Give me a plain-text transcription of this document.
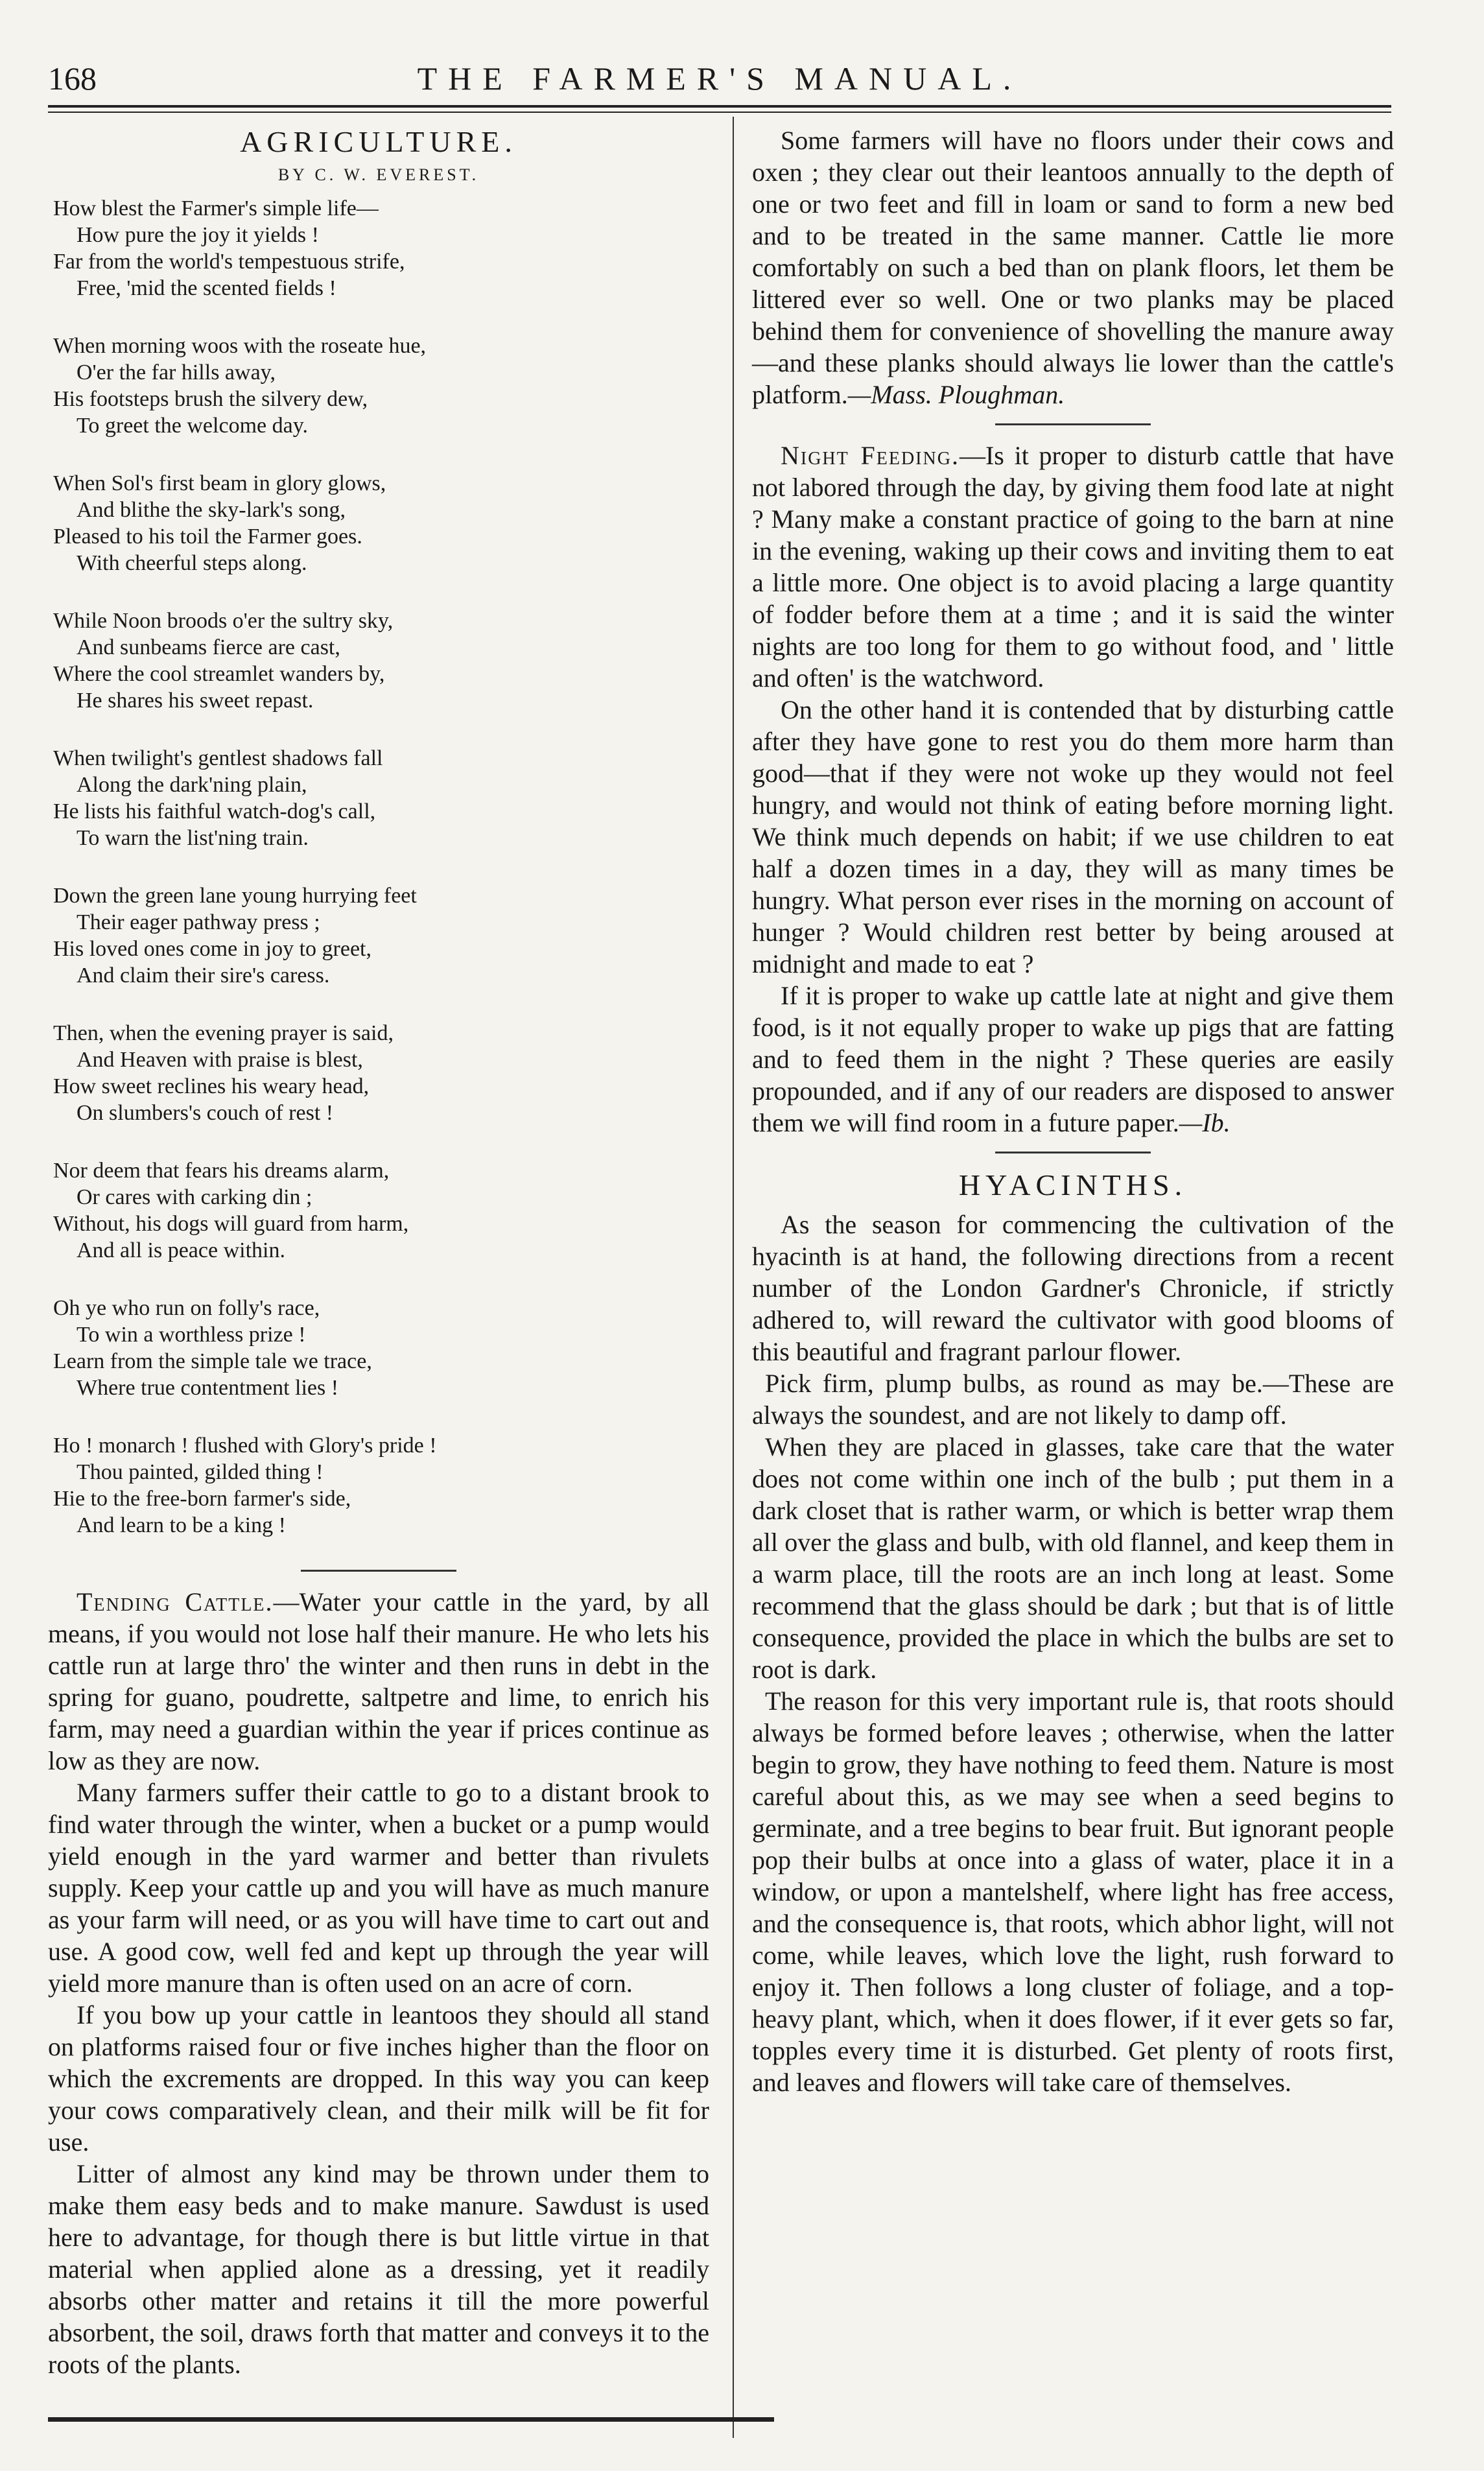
168	THE FARMER'S MANUAL.
AGRICULTURE.
BY C. W. EVEREST.
How blest the Farmer's simple life—
How pure the joy it yields !
Far from the world's tempestuous strife,
Free, 'mid the scented fields !
When morning woos with the roseate hue,
O'er the far hills away,
His footsteps brush the silvery dew,
To greet the welcome day.
When Sol's first beam in glory glows,
And blithe the sky-lark's song,
Pleased to his toil the Farmer goes.
With cheerful steps along.
While Noon broods o'er the sultry sky,
And sunbeams fierce are cast,
Where the cool streamlet wanders by,
He shares his sweet repast.
When twilight's gentlest shadows fall
Along the dark'ning plain,
He lists his faithful watch-dog's call,
To warn the list'ning train.
Down the green lane young hurrying feet
Their eager pathway press ;
His loved ones come in joy to greet,
And claim their sire's caress.
Then, when the evening prayer is said,
And Heaven with praise is blest,
How sweet reclines his weary head,
On slumbers's couch of rest !
Nor deem that fears his dreams alarm,
Or cares with carking din ;
Without, his dogs will guard from harm,
And all is peace within.
Oh ye who run on folly's race,
To win a worthless prize !
Learn from the simple tale we trace,
Where true contentment lies !
Ho ! monarch ! flushed with Glory's pride !
Thou painted, gilded thing !
Hie to the free-born farmer's side,
And learn to be a king !

Tending Cattle.—Water your cattle in the yard, by all means, if you would not lose half their manure. He who lets his cattle run at large thro' the winter and then runs in debt in the spring for guano, poudrette, saltpetre and lime, to enrich his farm, may need a guardian within the year if prices continue as low as they are now.

Many farmers suffer their cattle to go to a distant brook to find water through the winter, when a bucket or a pump would yield enough in the yard warmer and better than rivulets supply. Keep your cattle up and you will have as much manure as your farm will need, or as you will have time to cart out and use. A good cow, well fed and kept up through the year will yield more manure than is often used on an acre of corn.

If you bow up your cattle in leantoos they should all stand on platforms raised four or five inches higher than the floor on which the excrements are dropped. In this way you can keep your cows comparatively clean, and their milk will be fit for use.

Litter of almost any kind may be thrown under them to make them easy beds and to make manure. Sawdust is used here to advantage, for though there is but little virtue in that material when applied alone as a dressing, yet it readily absorbs other matter and retains it till the more powerful absorbent, the soil, draws forth that matter and conveys it to the roots of the plants.

Some farmers will have no floors under their cows and oxen ; they clear out their leantoos annually to the depth of one or two feet and fill in loam or sand to form a new bed and to be treated in the same manner. Cattle lie more comfortably on such a bed than on plank floors, let them be littered ever so well. One or two planks may be placed behind them for convenience of shovelling the manure away—and these planks should always lie lower than the cattle's platform.—Mass. Ploughman.

Night Feeding.—Is it proper to disturb cattle that have not labored through the day, by giving them food late at night ? Many make a constant practice of going to the barn at nine in the evening, waking up their cows and inviting them to eat a little more. One object is to avoid placing a large quantity of fodder before them at a time ; and it is said the winter nights are too long for them to go without food, and ' little and often' is the watchword.

On the other hand it is contended that by disturbing cattle after they have gone to rest you do them more harm than good—that if they were not woke up they would not feel hungry, and would not think of eating before morning light. We think much depends on habit; if we use children to eat half a dozen times in a day, they will as many times be hungry. What person ever rises in the morning on account of hunger ? Would children rest better by being aroused at midnight and made to eat ?

If it is proper to wake up cattle late at night and give them food, is it not equally proper to wake up pigs that are fatting and to feed them in the night ? These queries are easily propounded, and if any of our readers are disposed to answer them we will find room in a future paper.—Ib.

HYACINTHS.

As the season for commencing the cultivation of the hyacinth is at hand, the following directions from a recent number of the London Gardner's Chronicle, if strictly adhered to, will reward the cultivator with good blooms of this beautiful and fragrant parlour flower.

Pick firm, plump bulbs, as round as may be.—These are always the soundest, and are not likely to damp off.

When they are placed in glasses, take care that the water does not come within one inch of the bulb ; put them in a dark closet that is rather warm, or which is better wrap them all over the glass and bulb, with old flannel, and keep them in a warm place, till the roots are an inch long at least. Some recommend that the glass should be dark ; but that is of little consequence, provided the place in which the bulbs are set to root is dark.

The reason for this very important rule is, that roots should always be formed before leaves ; otherwise, when the latter begin to grow, they have nothing to feed them. Nature is most careful about this, as we may see when a seed begins to germinate, and a tree begins to bear fruit. But ignorant people pop their bulbs at once into a glass of water, place it in a window, or upon a mantelshelf, where light has free access, and the consequence is, that roots, which abhor light, will not come, while leaves, which love the light, rush forward to enjoy it. Then follows a long cluster of foliage, and a top-heavy plant, which, when it does flower, if it ever gets so far, topples every time it is disturbed. Get plenty of roots first, and leaves and flowers will take care of themselves.
